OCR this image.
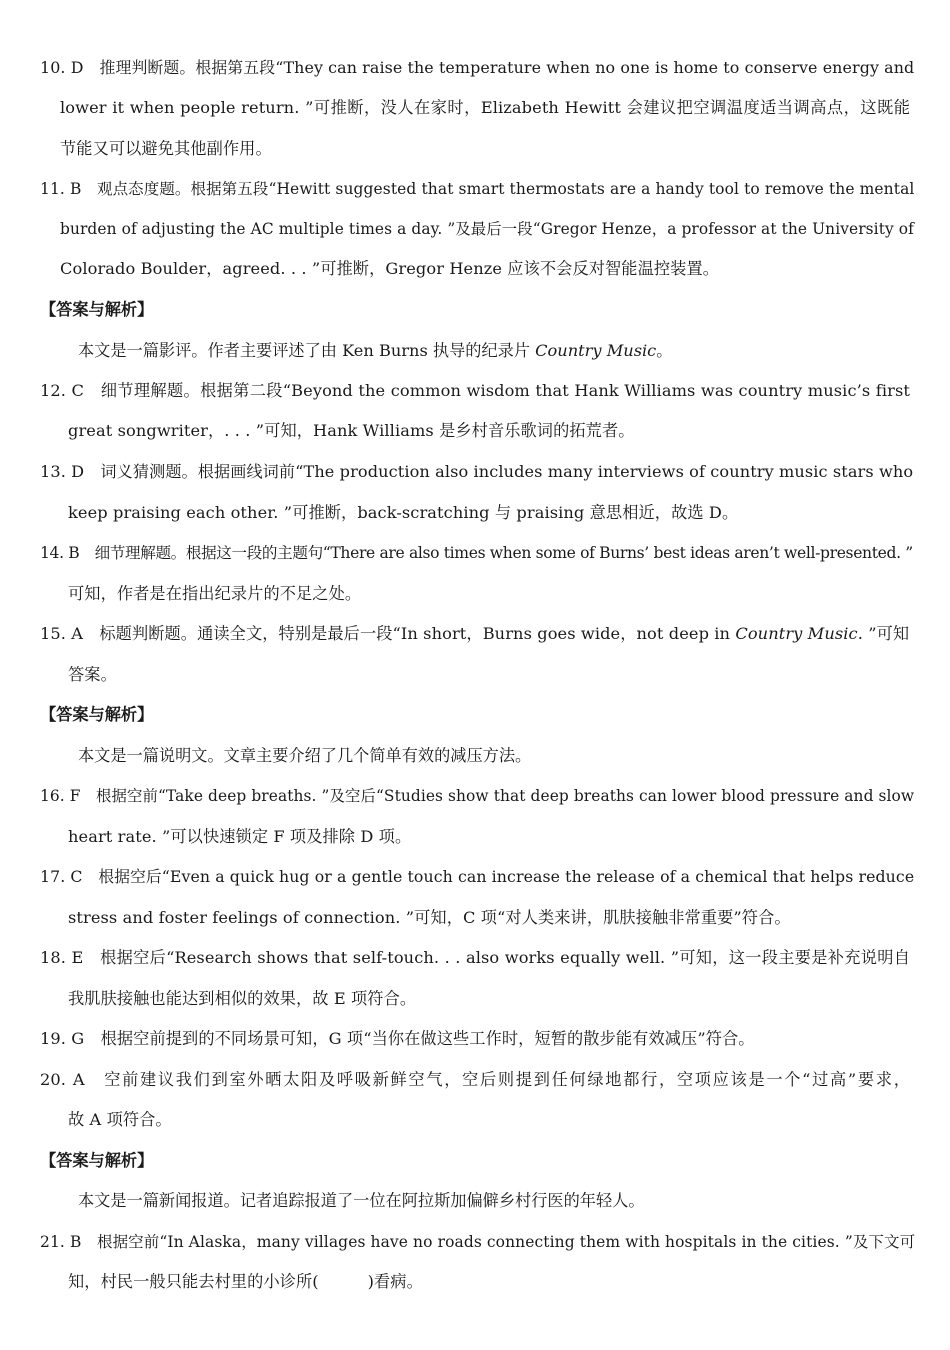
10. D　推理判断题。根据第五段“They can raise the temperature when no one is home to conserve energy and
lower it when people return. ”可推断，没人在家时，Elizabeth Hewitt 会建议把空调温度适当调高点，这既能
节能又可以避免其他副作用。
11. B　观点态度题。根据第五段“Hewitt suggested that smart thermostats are a handy tool to remove the mental
burden of adjusting the AC multiple times a day. ”及最后一段“Gregor Henze，a professor at the University of
Colorado Boulder，agreed. . . ”可推断，Gregor Henze 应该不会反对智能温控装置。
【答案与解析】
本文是一篇影评。作者主要评述了由 Ken Burns 执导的纪录片 Country Music。
12. C　细节理解题。根据第二段“Beyond the common wisdom that Hank Williams was country music’s first
great songwriter，. . . ”可知，Hank Williams 是乡村音乐歌词的拓荒者。
13. D　词义猜测题。根据画线词前“The production also includes many interviews of country music stars who
keep praising each other. ”可推断，back-scratching 与 praising 意思相近，故选 D。
14. B　细节理解题。根据这一段的主题句“There are also times when some of Burns’ best ideas aren’t well-presented. ”
可知，作者是在指出纪录片的不足之处。
15. A　标题判断题。通读全文，特别是最后一段“In short，Burns goes wide，not deep in Country Music. ”可知
答案。
【答案与解析】
本文是一篇说明文。文章主要介绍了几个简单有效的减压方法。
16. F　根据空前“Take deep breaths. ”及空后“Studies show that deep breaths can lower blood pressure and slow
heart rate. ”可以快速锁定 F 项及排除 D 项。
17. C　根据空后“Even a quick hug or a gentle touch can increase the release of a chemical that helps reduce
stress and foster feelings of connection. ”可知，C 项“对人类来讲，肌肤接触非常重要”符合。
18. E　根据空后“Research shows that self-touch. . . also works equally well. ”可知，这一段主要是补充说明自
我肌肤接触也能达到相似的效果，故 E 项符合。
19. G　根据空前提到的不同场景可知，G 项“当你在做这些工作时，短暂的散步能有效减压”符合。
20. A　空前建议我们到室外晒太阳及呼吸新鲜空气，空后则提到任何绿地都行，空项应该是一个“过高”要求，
故 A 项符合。
【答案与解析】
本文是一篇新闻报道。记者追踪报道了一位在阿拉斯加偏僻乡村行医的年轻人。
21. B　根据空前“In Alaska，many villages have no roads connecting them with hospitals in the cities. ”及下文可
知，村民一般只能去村里的小诊所(　　　)看病。
